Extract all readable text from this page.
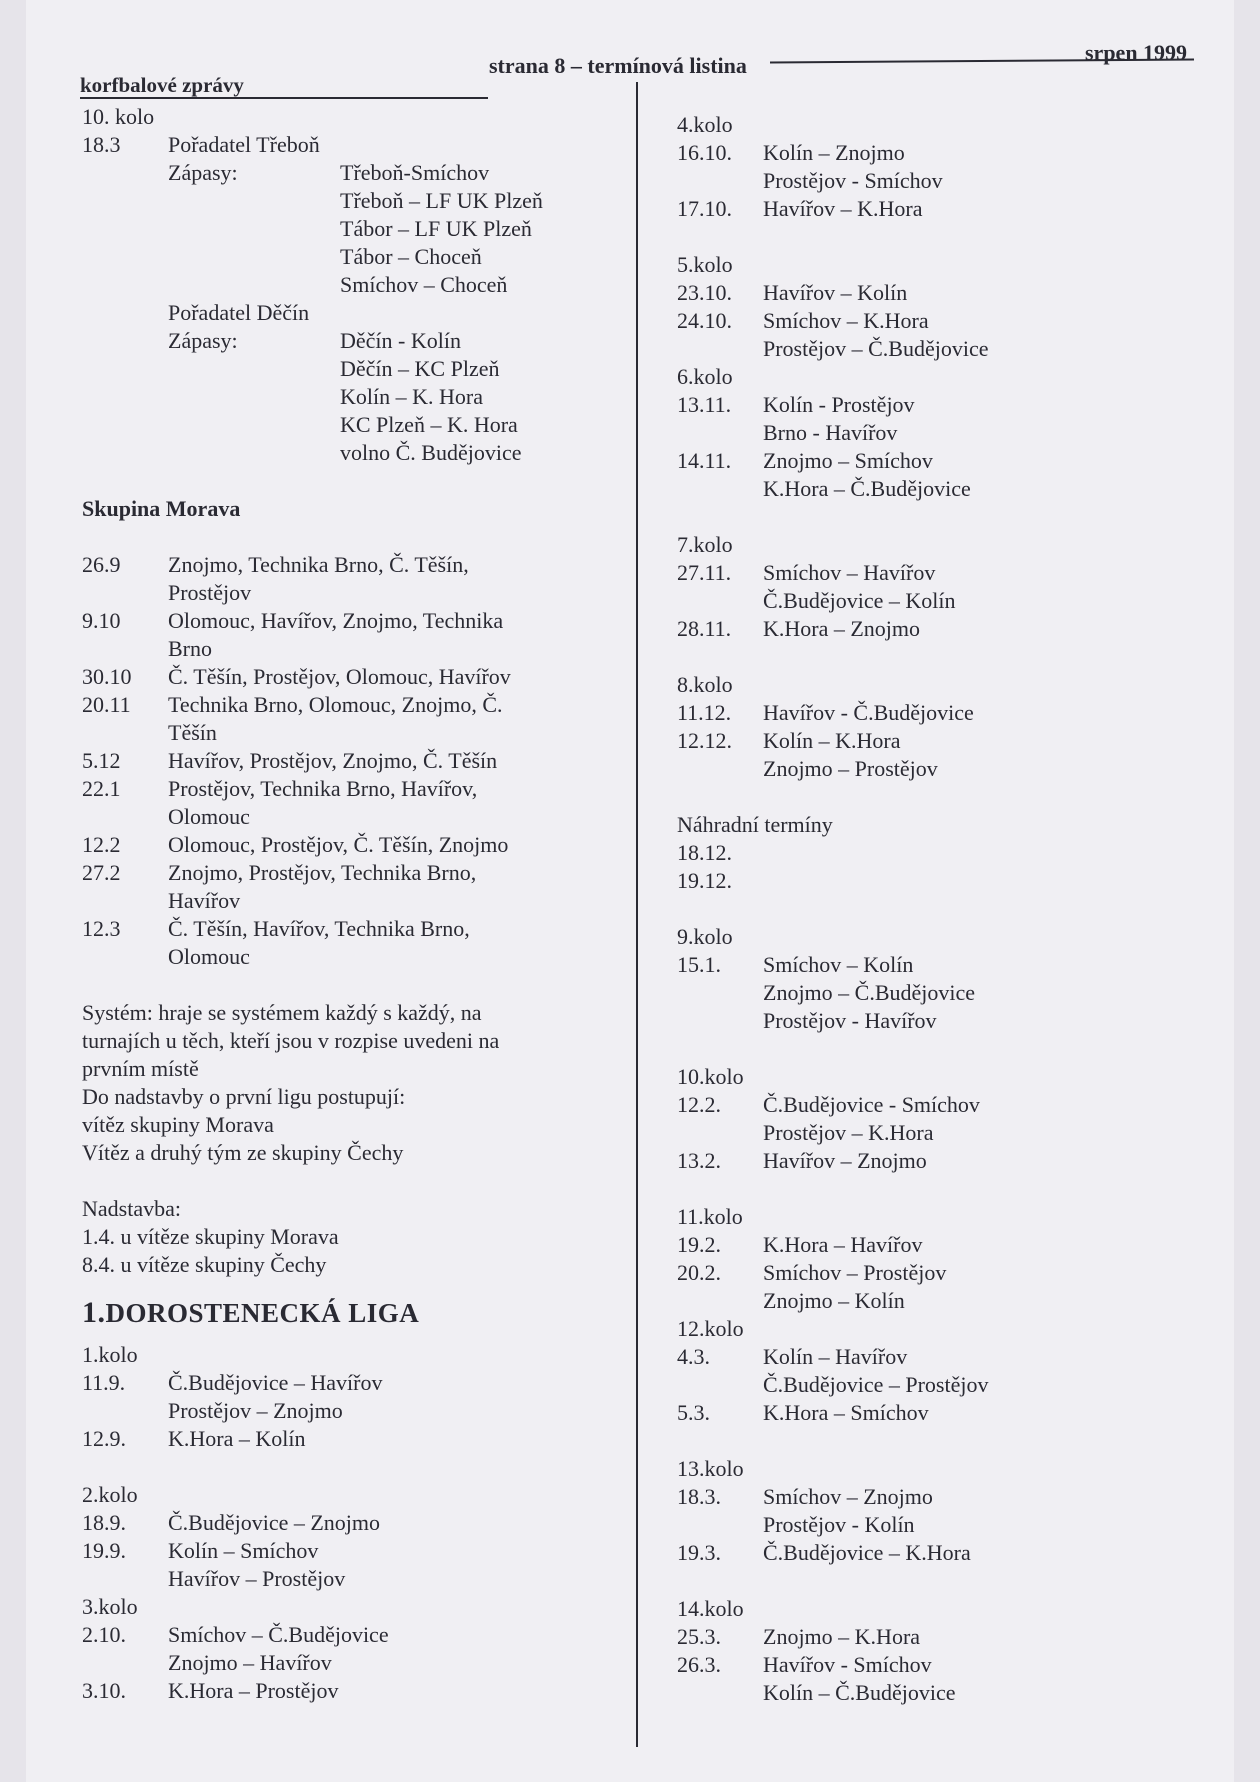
korfbalové zprávy
strana 8 – termínová listina
srpen 1999
10. kolo
18.3	Pořadatel Třeboň
Zápasy:	Třeboň-Smíchov
Třeboň – LF UK Plzeň
Tábor – LF UK Plzeň
Tábor – Choceň
Smíchov – Choceň
Pořadatel Děčín
Zápasy:	Děčín - Kolín
Děčín – KC Plzeň
Kolín – K. Hora
KC Plzeň – K. Hora
volno Č. Budějovice
Skupina Morava
26.9	Znojmo, Technika Brno, Č. Těšín,
Prostějov
9.10	Olomouc, Havířov, Znojmo, Technika
Brno
30.10	Č. Těšín, Prostějov, Olomouc, Havířov
20.11	Technika Brno, Olomouc, Znojmo, Č.
Těšín
5.12	Havířov, Prostějov, Znojmo, Č. Těšín
22.1	Prostějov, Technika Brno, Havířov,
Olomouc
12.2	Olomouc, Prostějov, Č. Těšín, Znojmo
27.2	Znojmo, Prostějov, Technika Brno,
Havířov
12.3	Č. Těšín, Havířov, Technika Brno,
Olomouc
Systém: hraje se systémem každý s každý, na
turnajích u těch, kteří jsou v rozpise uvedeni na
prvním místě
Do nadstavby o první ligu postupují:
vítěz skupiny Morava
Vítěz a druhý tým ze skupiny Čechy
Nadstavba:
1.4. u vítěze skupiny Morava
8.4. u vítěze skupiny Čechy
1.DOROSTENECKÁ LIGA
1.kolo
11.9.	Č.Budějovice – Havířov
Prostějov – Znojmo
12.9.	K.Hora – Kolín
2.kolo
18.9.	Č.Budějovice – Znojmo
19.9.	Kolín – Smíchov
Havířov – Prostějov
3.kolo
2.10.	Smíchov – Č.Budějovice
Znojmo – Havířov
3.10.	K.Hora – Prostějov
4.kolo
16.10.	Kolín – Znojmo
Prostějov - Smíchov
17.10.	Havířov – K.Hora
5.kolo
23.10.	Havířov – Kolín
24.10.	Smíchov – K.Hora
Prostějov – Č.Budějovice
6.kolo
13.11.	Kolín - Prostějov
Brno - Havířov
14.11.	Znojmo – Smíchov
K.Hora – Č.Budějovice
7.kolo
27.11.	Smíchov – Havířov
Č.Budějovice – Kolín
28.11.	K.Hora – Znojmo
8.kolo
11.12.	Havířov - Č.Budějovice
12.12.	Kolín – K.Hora
Znojmo – Prostějov
Náhradní termíny
18.12.
19.12.
9.kolo
15.1.	Smíchov – Kolín
Znojmo – Č.Budějovice
Prostějov - Havířov
10.kolo
12.2.	Č.Budějovice - Smíchov
Prostějov – K.Hora
13.2.	Havířov – Znojmo
11.kolo
19.2.	K.Hora – Havířov
20.2.	Smíchov – Prostějov
Znojmo – Kolín
12.kolo
4.3.	Kolín – Havířov
Č.Budějovice – Prostějov
5.3.	K.Hora – Smíchov
13.kolo
18.3.	Smíchov – Znojmo
Prostějov - Kolín
19.3.	Č.Budějovice – K.Hora
14.kolo
25.3.	Znojmo – K.Hora
26.3.	Havířov - Smíchov
Kolín – Č.Budějovice
